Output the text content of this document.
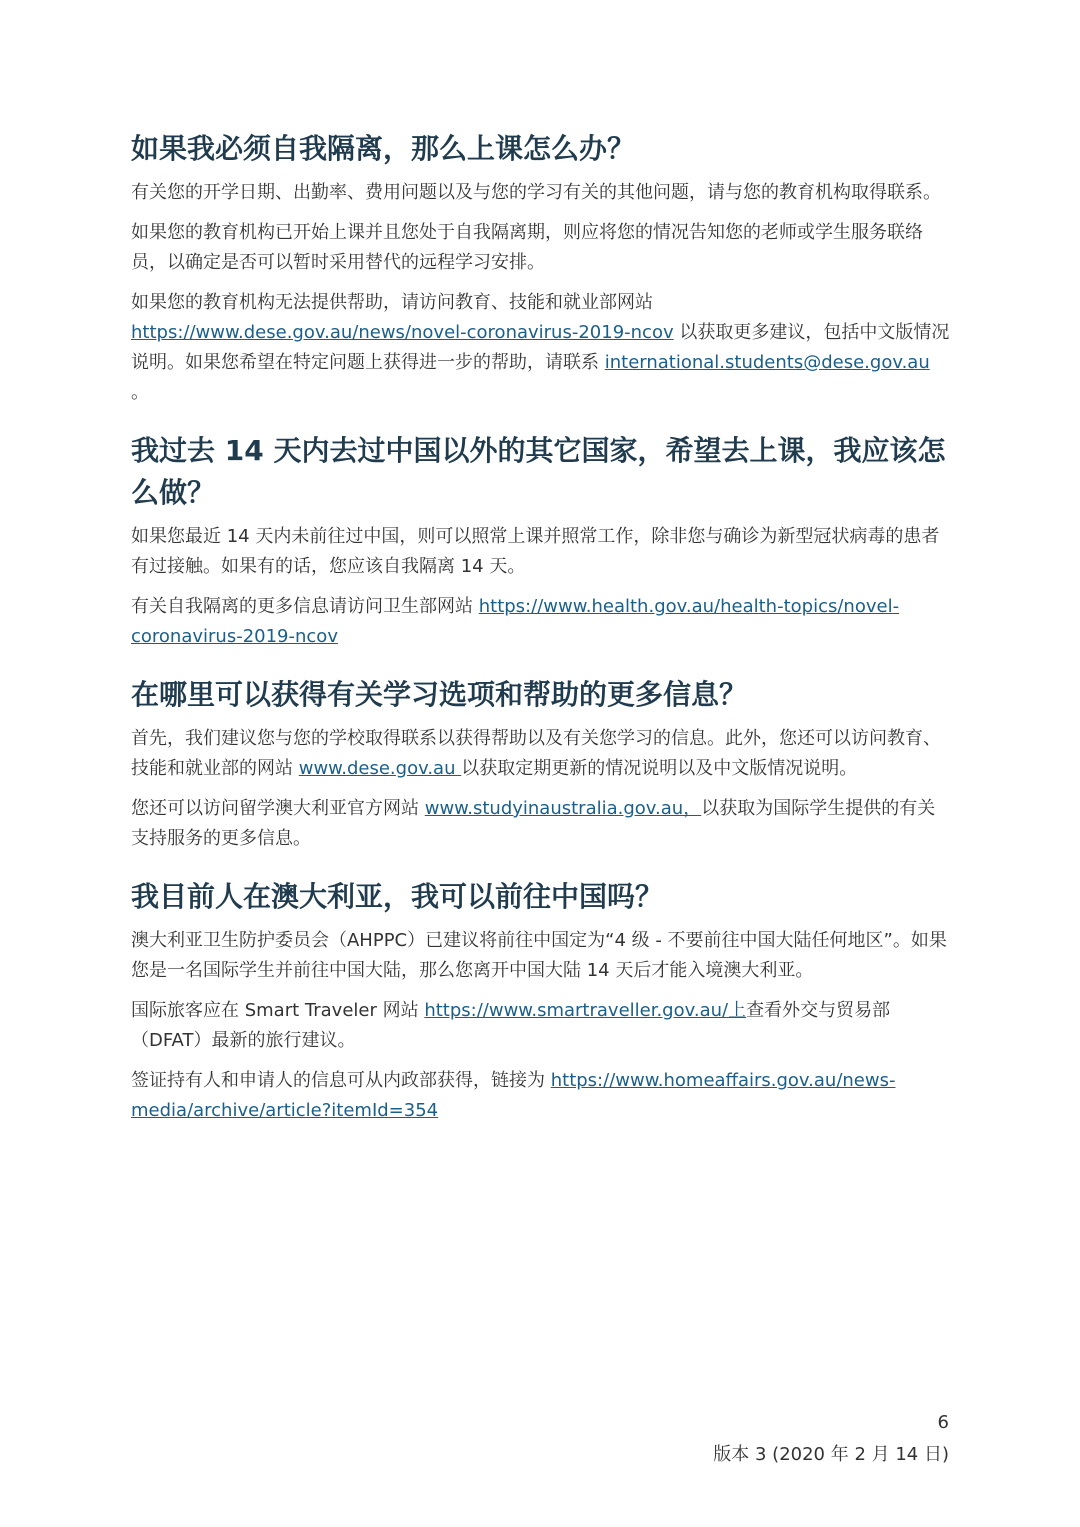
如果我必须自我隔离，那么上课怎么办？

有关您的开学日期、出勤率、费用问题以及与您的学习有关的其他问题，请与您的教育机构取得联系。

如果您的教育机构已开始上课并且您处于自我隔离期，则应将您的情况告知您的老师或学生服务联络员，以确定是否可以暂时采用替代的远程学习安排。

如果您的教育机构无法提供帮助，请访问教育、技能和就业部网站 https://www.dese.gov.au/news/novel-coronavirus-2019-ncov 以获取更多建议，包括中文版情况说明。如果您希望在特定问题上获得进一步的帮助，请联系 international.students@dese.gov.au 。

我过去 14 天内去过中国以外的其它国家，希望去上课，我应该怎么做？

如果您最近 14 天内未前往过中国，则可以照常上课并照常工作，除非您与确诊为新型冠状病毒的患者有过接触。如果有的话，您应该自我隔离 14 天。

有关自我隔离的更多信息请访问卫生部网站 https://www.health.gov.au/health-topics/novel-coronavirus-2019-ncov

在哪里可以获得有关学习选项和帮助的更多信息？

首先，我们建议您与您的学校取得联系以获得帮助以及有关您学习的信息。此外，您还可以访问教育、技能和就业部的网站 www.dese.gov.au 以获取定期更新的情况说明以及中文版情况说明。

您还可以访问留学澳大利亚官方网站 www.studyinaustralia.gov.au，以获取为国际学生提供的有关支持服务的更多信息。

我目前人在澳大利亚，我可以前往中国吗？

澳大利亚卫生防护委员会（AHPPC）已建议将前往中国定为“4 级 - 不要前往中国大陆任何地区”。如果您是一名国际学生并前往中国大陆，那么您离开中国大陆 14 天后才能入境澳大利亚。

国际旅客应在 Smart Traveler 网站 https://www.smartraveller.gov.au/上查看外交与贸易部（DFAT）最新的旅行建议。

签证持有人和申请人的信息可从内政部获得，链接为 https://www.homeaffairs.gov.au/news-media/archive/article?itemId=354

6
版本 3 (2020 年 2 月 14 日)
